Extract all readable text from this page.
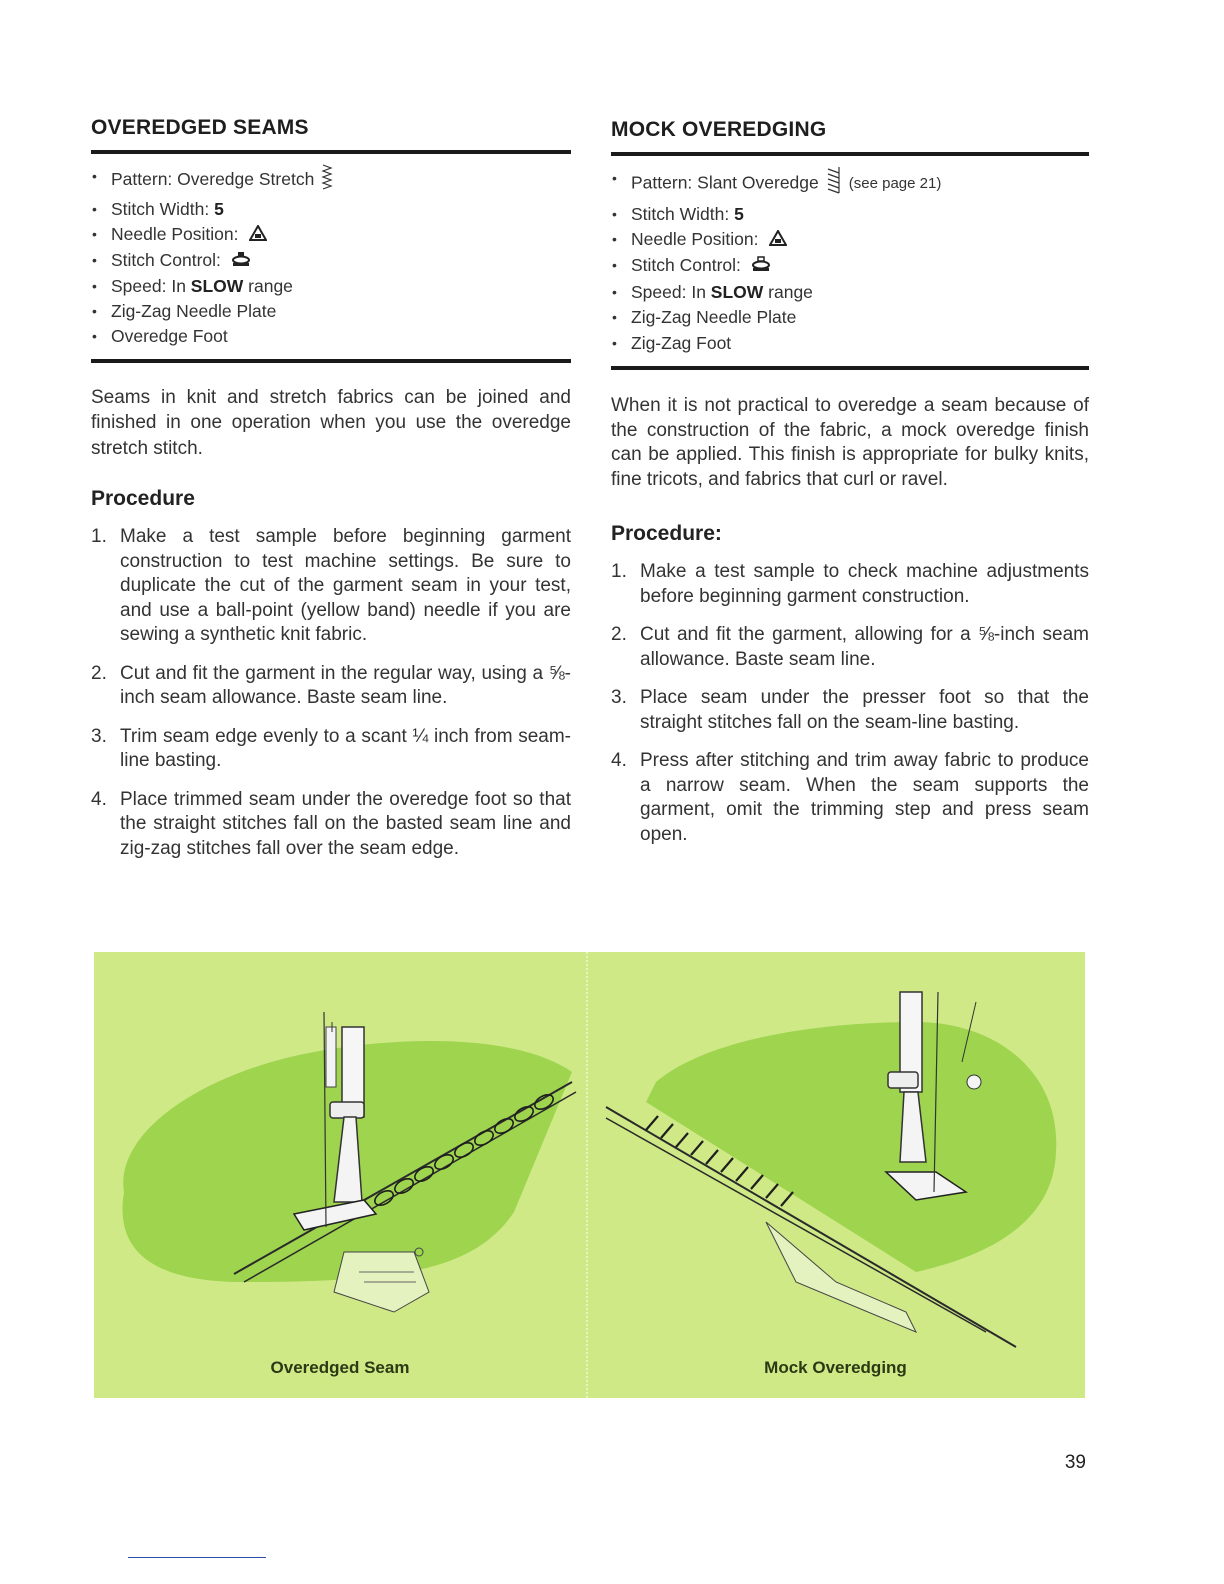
OVEREDGED SEAMS
• Pattern: Overedge Stretch
• Stitch Width: 5
• Needle Position:
• Stitch Control:
• Speed: In SLOW range
• Zig-Zag Needle Plate
• Overedge Foot

Seams in knit and stretch fabrics can be joined and finished in one operation when you use the overedge stretch stitch.

Procedure
1. Make a test sample before beginning garment construction to test machine settings. Be sure to duplicate the cut of the garment seam in your test, and use a ball-point (yellow band) needle if you are sewing a synthetic knit fabric.
2. Cut and fit the garment in the regular way, using a ⅝-inch seam allowance. Baste seam line.
3. Trim seam edge evenly to a scant ¼ inch from seam-line basting.
4. Place trimmed seam under the overedge foot so that the straight stitches fall on the basted seam line and zig-zag stitches fall over the seam edge.
MOCK OVEREDGING
• Pattern: Slant Overedge (see page 21)
• Stitch Width: 5
• Needle Position:
• Stitch Control:
• Speed: In SLOW range
• Zig-Zag Needle Plate
• Zig-Zag Foot

When it is not practical to overedge a seam because of the construction of the fabric, a mock overedge finish can be applied. This finish is appropriate for bulky knits, fine tricots, and fabrics that curl or ravel.

Procedure:
1. Make a test sample to check machine adjustments before beginning garment construction.
2. Cut and fit the garment, allowing for a ⅝-inch seam allowance. Baste seam line.
3. Place seam under the presser foot so that the straight stitches fall on the seam-line basting.
4. Press after stitching and trim away fabric to produce a narrow seam. When the seam supports the garment, omit the trimming step and press seam open.
Overedged Seam	Mock Overedging
39
